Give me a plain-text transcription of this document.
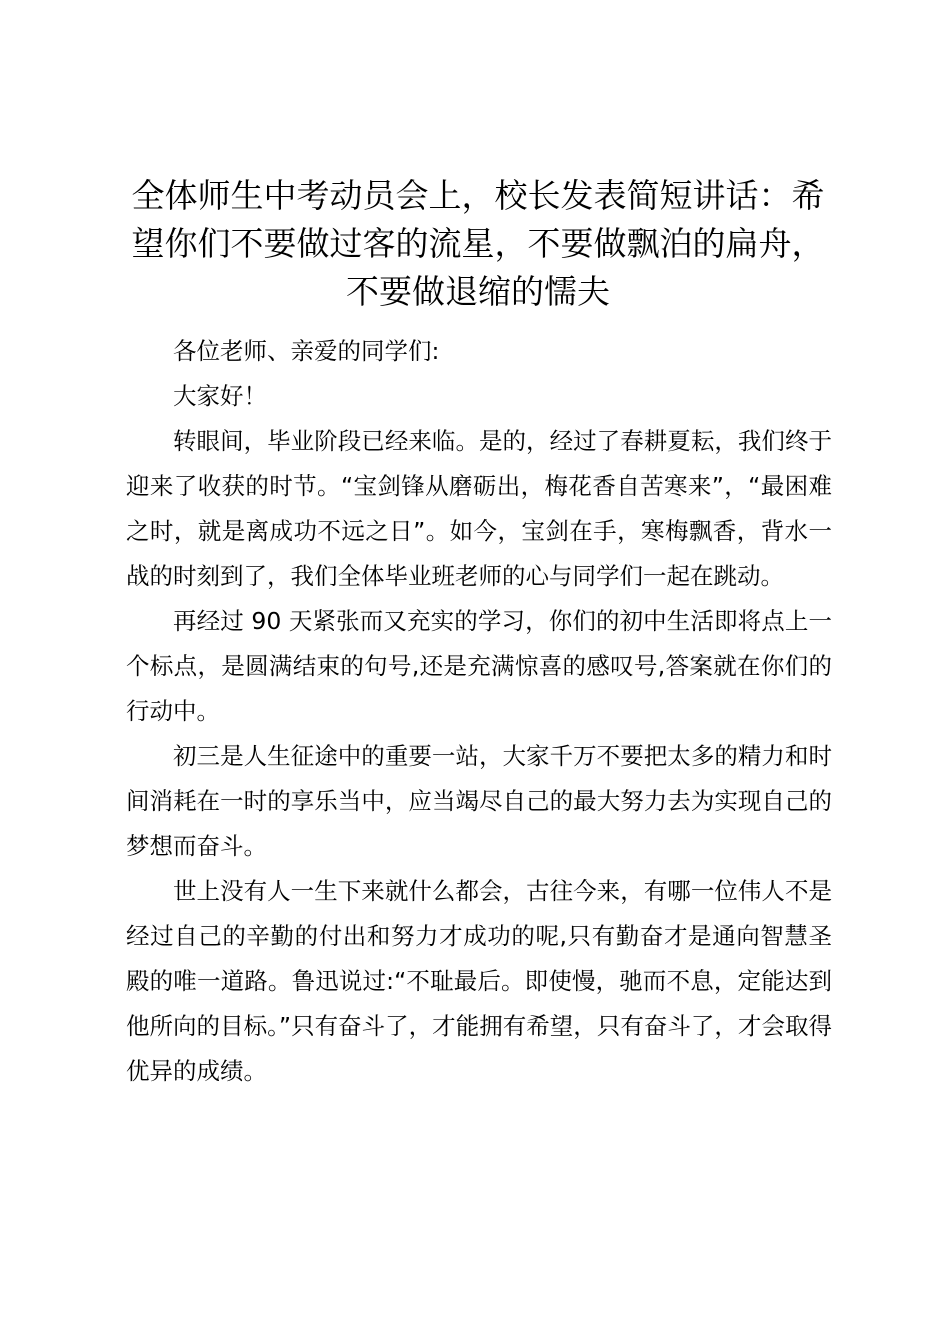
全体师生中考动员会上，校长发表简短讲话：希望你们不要做过客的流星，不要做飘泊的扁舟，不要做退缩的懦夫

各位老师、亲爱的同学们:

大家好！

转眼间，毕业阶段已经来临。是的，经过了春耕夏耘，我们终于迎来了收获的时节。“宝剑锋从磨砺出，梅花香自苦寒来”，“最困难之时，就是离成功不远之日”。如今，宝剑在手，寒梅飘香，背水一战的时刻到了，我们全体毕业班老师的心与同学们一起在跳动。

再经过 90 天紧张而又充实的学习，你们的初中生活即将点上一个标点，是圆满结束的句号,还是充满惊喜的感叹号,答案就在你们的行动中。

初三是人生征途中的重要一站，大家千万不要把太多的精力和时间消耗在一时的享乐当中，应当竭尽自己的最大努力去为实现自己的梦想而奋斗。

世上没有人一生下来就什么都会，古往今来，有哪一位伟人不是经过自己的辛勤的付出和努力才成功的呢,只有勤奋才是通向智慧圣殿的唯一道路。鲁迅说过:“不耻最后。即使慢，驰而不息，定能达到他所向的目标。”只有奋斗了，才能拥有希望，只有奋斗了，才会取得优异的成绩。
